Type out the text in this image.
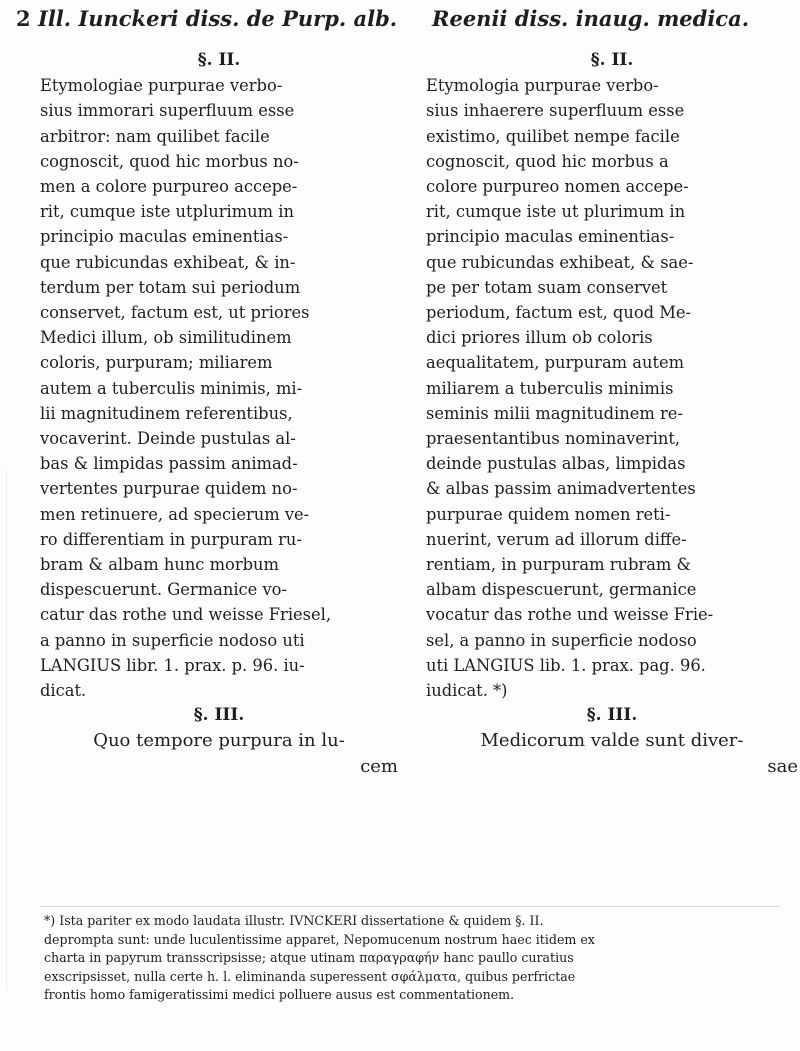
2 Ill. Iunckeri diss. de Purp. alb. Reenii diss. inaug. medica.

§. II.

Etymologiae purpurae verbo-
sius immorari superfluum esse
arbitror: nam quilibet facile
cognoscit, quod hic morbus no-
men a colore purpureo accepe-
rit, cumque iste utplurimum in
principio maculas eminentias-
que rubicundas exhibeat, & in-
terdum per totam sui periodum
conservet, factum est, ut priores
Medici illum, ob similitudinem
coloris, purpuram; miliarem
autem a tuberculis minimis, mi-
lii magnitudinem referentibus,
vocaverint. Deinde pustulas al-
bas & limpidas passim animad-
vertentes purpurae quidem no-
men retinuere, ad specierum ve-
ro differentiam in purpuram ru-
bram & albam hunc morbum
dispescuerunt. Germanice vo-
catur das rothe und weisse Friesel,
a panno in superficie nodoso uti
LANGIUS libr. 1. prax. p. 96. iu-
dicat.

§. III.

Quo tempore purpura in lu-

cem

§. II.

Etymologia purpurae verbo-
sius inhaerere superfluum esse
existimo, quilibet nempe facile
cognoscit, quod hic morbus a
colore purpureo nomen accepe-
rit, cumque iste ut plurimum in
principio maculas eminentias-
que rubicundas exhibeat, & sae-
pe per totam suam conservet
periodum, factum est, quod Me-
dici priores illum ob coloris
aequalitatem, purpuram autem
miliarem a tuberculis minimis
seminis milii magnitudinem re-
praesentantibus nominaverint,
deinde pustulas albas, limpidas
& albas passim animadvertentes
purpurae quidem nomen reti-
nuerint, verum ad illorum diffe-
rentiam, in purpuram rubram &
albam dispescuerunt, germanice
vocatur das rothe und weisse Frie-
sel, a panno in superficie nodoso
uti LANGIUS lib. 1. prax. pag. 96.
iudicat. *)

§. III.

Medicorum valde sunt diver-

sae

*) Ista pariter ex modo laudata illustr. IVNCKERI dissertatione & quidem §. II.
deprompta sunt: unde luculentissime apparet, Nepomucenum nostrum haec itidem ex
charta in papyrum transscripsisse; atque utinam παραγραφήν hanc paullo curatius
exscripsisset, nulla certe h. l. eliminanda superessent σφάλματα, quibus perfrictae
frontis homo famigeratissimi medici polluere ausus est commentationem.
